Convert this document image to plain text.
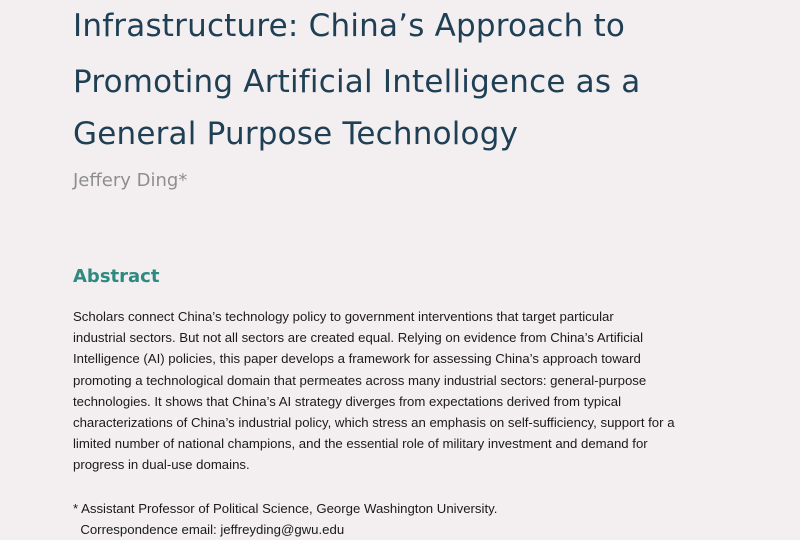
Infrastructure: China’s Approach to
Promoting Artificial Intelligence as a
General Purpose Technology
Jeffery Ding*
Abstract

Scholars connect China’s technology policy to government interventions that target particular
industrial sectors. But not all sectors are created equal. Relying on evidence from China’s Artificial
Intelligence (AI) policies, this paper develops a framework for assessing China’s approach toward
promoting a technological domain that permeates across many industrial sectors: general-purpose
technologies. It shows that China’s AI strategy diverges from expectations derived from typical
characterizations of China’s industrial policy, which stress an emphasis on self-sufficiency, support for a
limited number of national champions, and the essential role of military investment and demand for
progress in dual-use domains.

* Assistant Professor of Political Science, George Washington University.
Correspondence email: jeffreyding@gwu.edu
